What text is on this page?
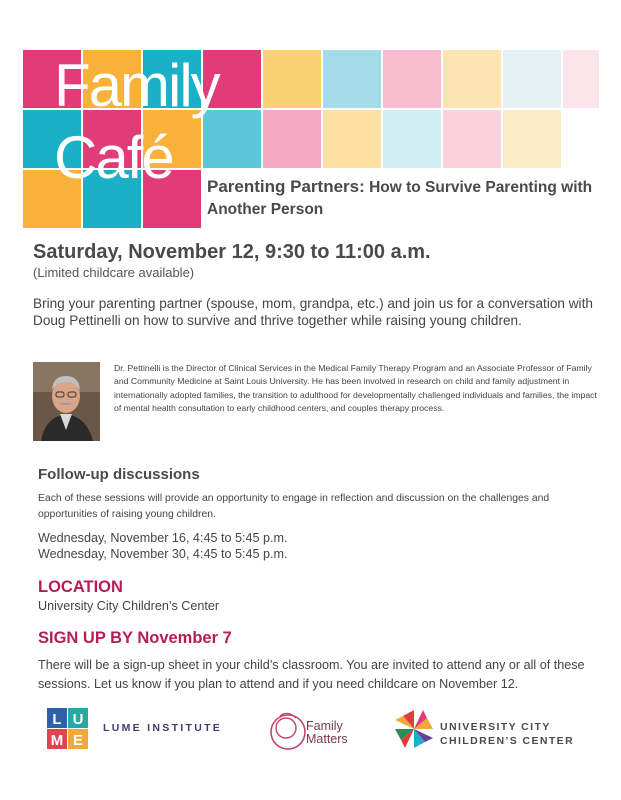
Family
Café Parenting Partners: How to Survive Parenting with Another Person
Saturday, November 12, 9:30 to 11:00 a.m.
(Limited childcare available)
Bring your parenting partner (spouse, mom, grandpa, etc.) and join us for a conversation with Doug Pettinelli on how to survive and thrive together while raising young children.
Dr. Pettinelli is the Director of Clinical Services in the Medical Family Therapy Program and an Associate Professor of Family and Community Medicine at Saint Louis University. He has been involved in research on child and family adjustment in internationally adopted families, the transition to adulthood for developmentally challenged individuals and families, the impact of mental health consultation to early childhood centers, and couples therapy process.
Follow-up discussions
Each of these sessions will provide an opportunity to engage in reflection and discussion on the challenges and opportunities of raising young children.
Wednesday, November 16, 4:45 to 5:45 p.m.
Wednesday, November 30, 4:45 to 5:45 p.m.
LOCATION
University City Children’s Center
SIGN UP BY November 7
There will be a sign-up sheet in your child’s classroom. You are invited to attend any or all of these sessions. Let us know if you plan to attend and if you need childcare on November 12.
L U
M E
LUME INSTITUTE	Family
Matters
UNIVERSITY CITY
CHILDREN’S CENTER
